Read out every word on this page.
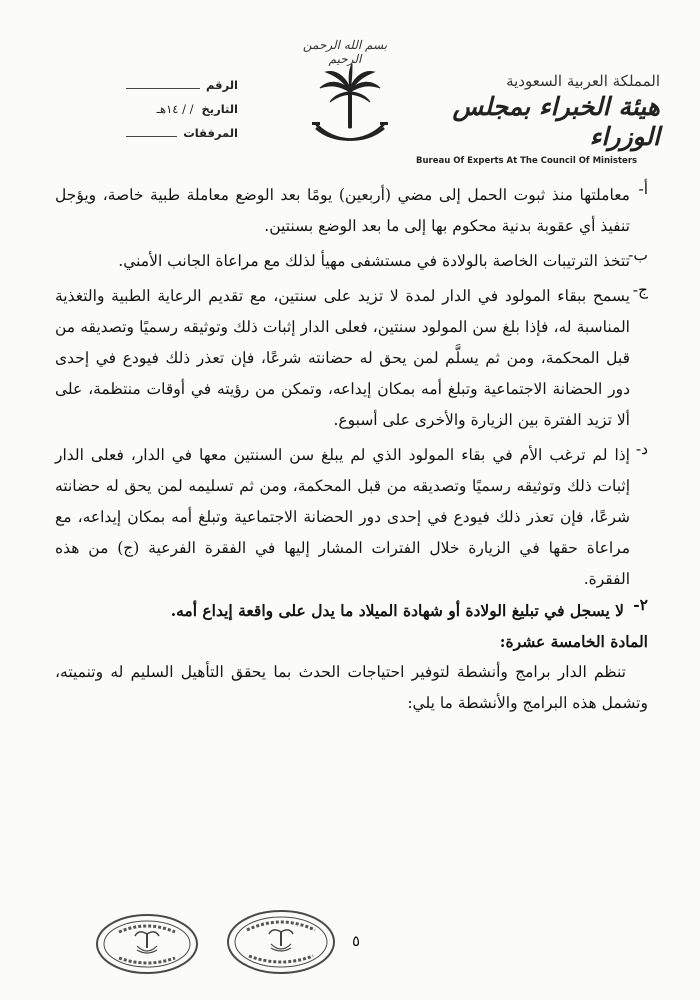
المملكة العربية السعودية
هيئة الخبراء بمجلس الوزراء
Bureau Of Experts At The Council Of Ministers
بسم الله الرحمن الرحيم
الرقم
التاريخ
/ / ١٤هـ
المرفقات
أ-
معاملتها منذ ثبوت الحمل إلى مضي (أربعين) يومًا بعد الوضع معاملة طبية خاصة، ويؤجل تنفيذ أي عقوبة بدنية محكوم بها إلى ما بعد الوضع بسنتين.
ب-
تتخذ الترتيبات الخاصة بالولادة في مستشفى مهيأ لذلك مع مراعاة الجانب الأمني.
ج-
يسمح ببقاء المولود في الدار لمدة لا تزيد على سنتين، مع تقديم الرعاية الطبية والتغذية المناسبة له، فإذا بلغ سن المولود سنتين، فعلى الدار إثبات ذلك وتوثيقه رسميًا وتصديقه من قبل المحكمة، ومن ثم يسلَّم لمن يحق له حضانته شرعًا، فإن تعذر ذلك فيودع في إحدى دور الحضانة الاجتماعية وتبلغ أمه بمكان إيداعه، وتمكن من رؤيته في أوقات منتظمة، على ألا تزيد الفترة بين الزيارة والأخرى على أسبوع.
د-
إذا لم ترغب الأم في بقاء المولود الذي لم يبلغ سن السنتين معها في الدار، فعلى الدار إثبات ذلك وتوثيقه رسميًا وتصديقه من قبل المحكمة، ومن ثم تسليمه لمن يحق له حضانته شرعًا، فإن تعذر ذلك فيودع في إحدى دور الحضانة الاجتماعية وتبلغ أمه بمكان إيداعه، مع مراعاة حقها في الزيارة خلال الفترات المشار إليها في الفقرة الفرعية (ج) من هذه الفقرة.
٢-
لا يسجل في تبليغ الولادة أو شهادة الميلاد ما يدل على واقعة إيداع أمه.

المادة الخامسة عشرة:

تنظم الدار برامج وأنشطة لتوفير احتياجات الحدث بما يحقق التأهيل السليم له وتنميته، وتشمل هذه البرامج والأنشطة ما يلي:

٥
